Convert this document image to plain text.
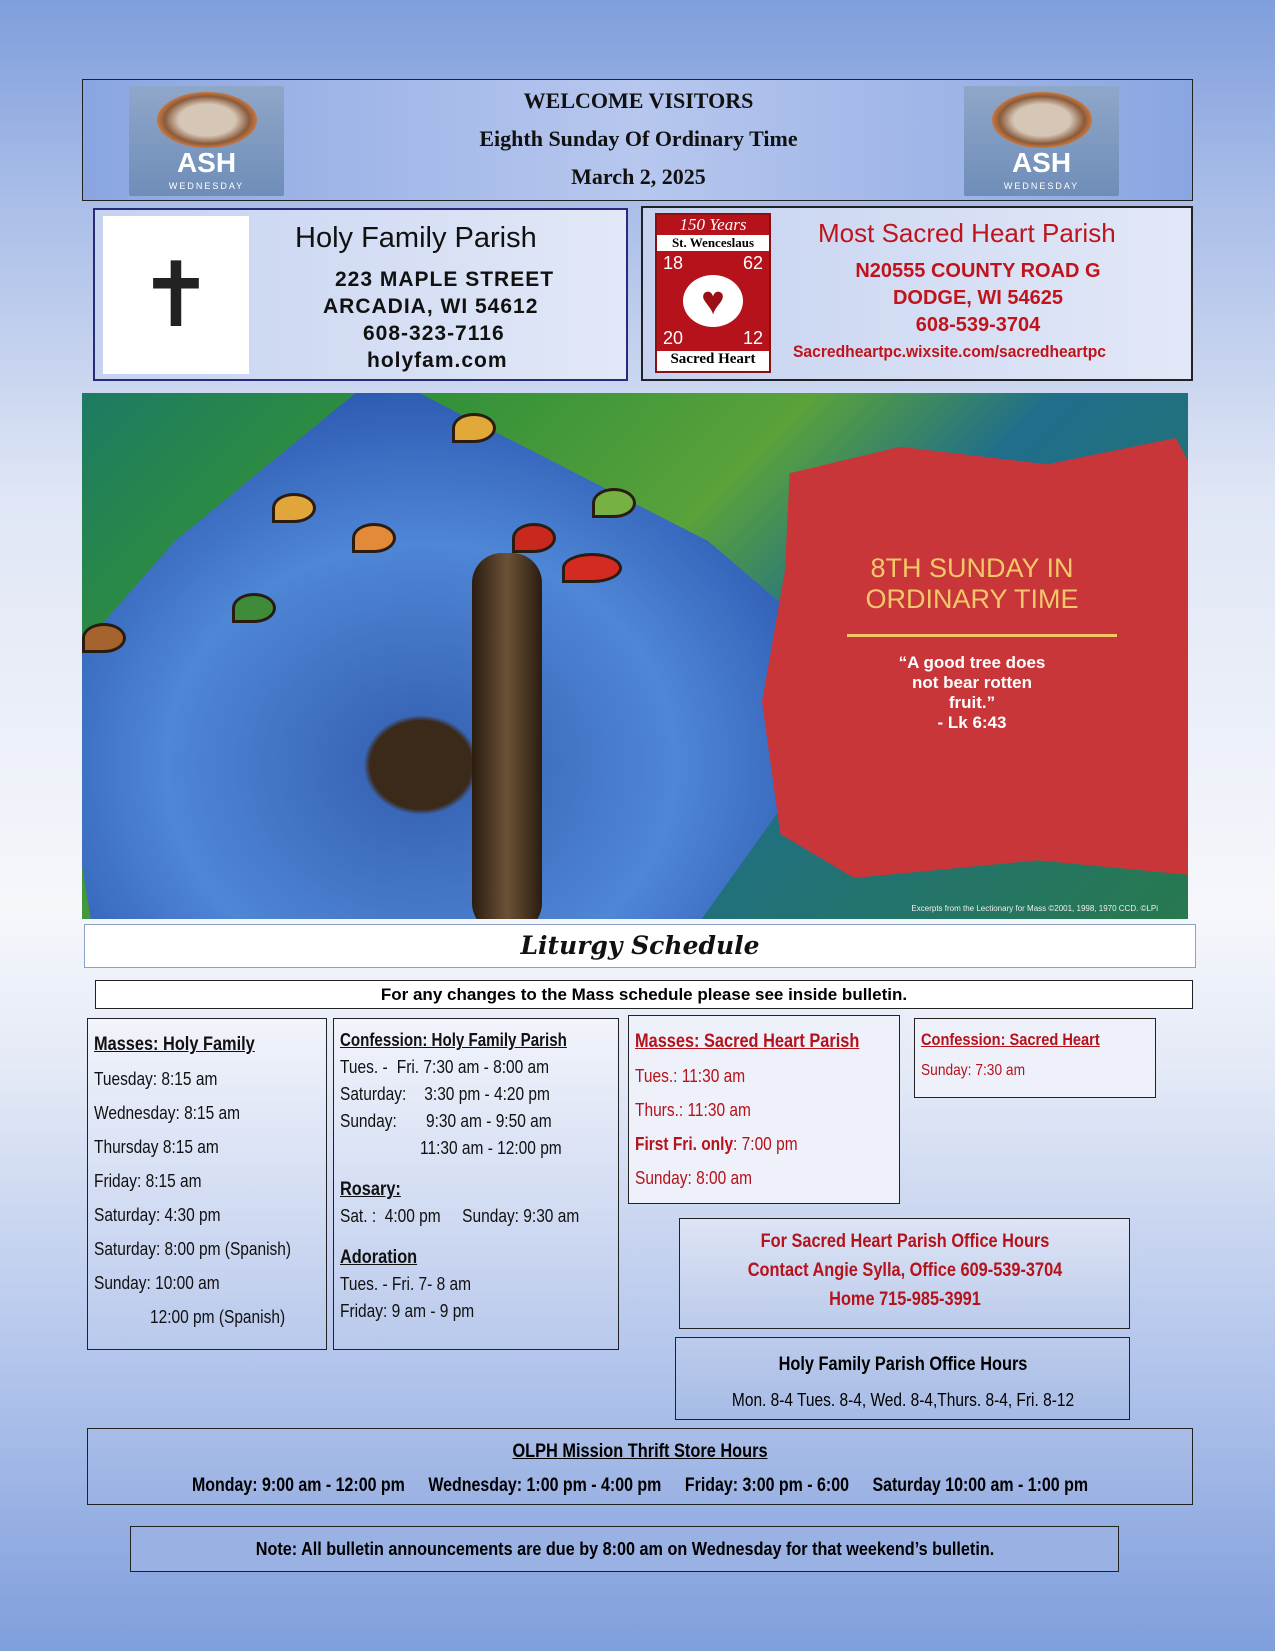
ASH
WEDNESDAY
WELCOME VISITORS
Eighth Sunday Of Ordinary Time
March 2, 2025	ASH
WEDNESDAY
✝
Holy Family Parish
223 MAPLE STREET
ARCADIA, WI 54612
608-323-7116
holyfam.com
150 Years
St. Wenceslaus
18	62
♥
20	12
Sacred Heart
Most Sacred Heart Parish
N20555 COUNTY ROAD G
DODGE, WI 54625
608-539-3704
Sacredheartpc.wixsite.com/sacredheartpc
8TH SUNDAY IN ORDINARY TIME
“A good tree does not bear rotten fruit.”
- Lk 6:43
Excerpts from the Lectionary for Mass ©2001, 1998, 1970 CCD. ©LPi
Liturgy Schedule
For any changes to the Mass schedule please see inside bulletin.
Masses: Holy Family
Tuesday: 8:15 am
Wednesday: 8:15 am
Thursday 8:15 am
Friday: 8:15 am
Saturday: 4:30 pm
Saturday: 8:00 pm (Spanish)
Sunday: 10:00 am
12:00 pm (Spanish)
Confession: Holy Family Parish
Tues. - Fri. 7:30 am - 8:00 am
Saturday: 3:30 pm - 4:20 pm
Sunday: 9:30 am - 9:50 am
11:30 am - 12:00 pm
Rosary:
Sat. :  4:00 pm     Sunday: 9:30 am
Adoration
Tues. - Fri. 7- 8 am
Friday: 9 am - 9 pm
Masses: Sacred Heart Parish
Tues.: 11:30 am
Thurs.: 11:30 am
First Fri. only: 7:00 pm
Sunday: 8:00 am
Confession: Sacred Heart
Sunday: 7:30 am
For Sacred Heart Parish Office Hours
Contact Angie Sylla, Office 609-539-3704
Home 715-985-3991
Holy Family Parish Office Hours
Mon. 8-4 Tues. 8-4, Wed. 8-4,Thurs. 8-4, Fri. 8-12
OLPH Mission Thrift Store Hours
Monday: 9:00 am - 12:00 pm Wednesday: 1:00 pm - 4:00 pm Friday: 3:00 pm - 6:00 Saturday 10:00 am - 1:00 pm
Note: All bulletin announcements are due by 8:00 am on Wednesday for that weekend’s bulletin.
